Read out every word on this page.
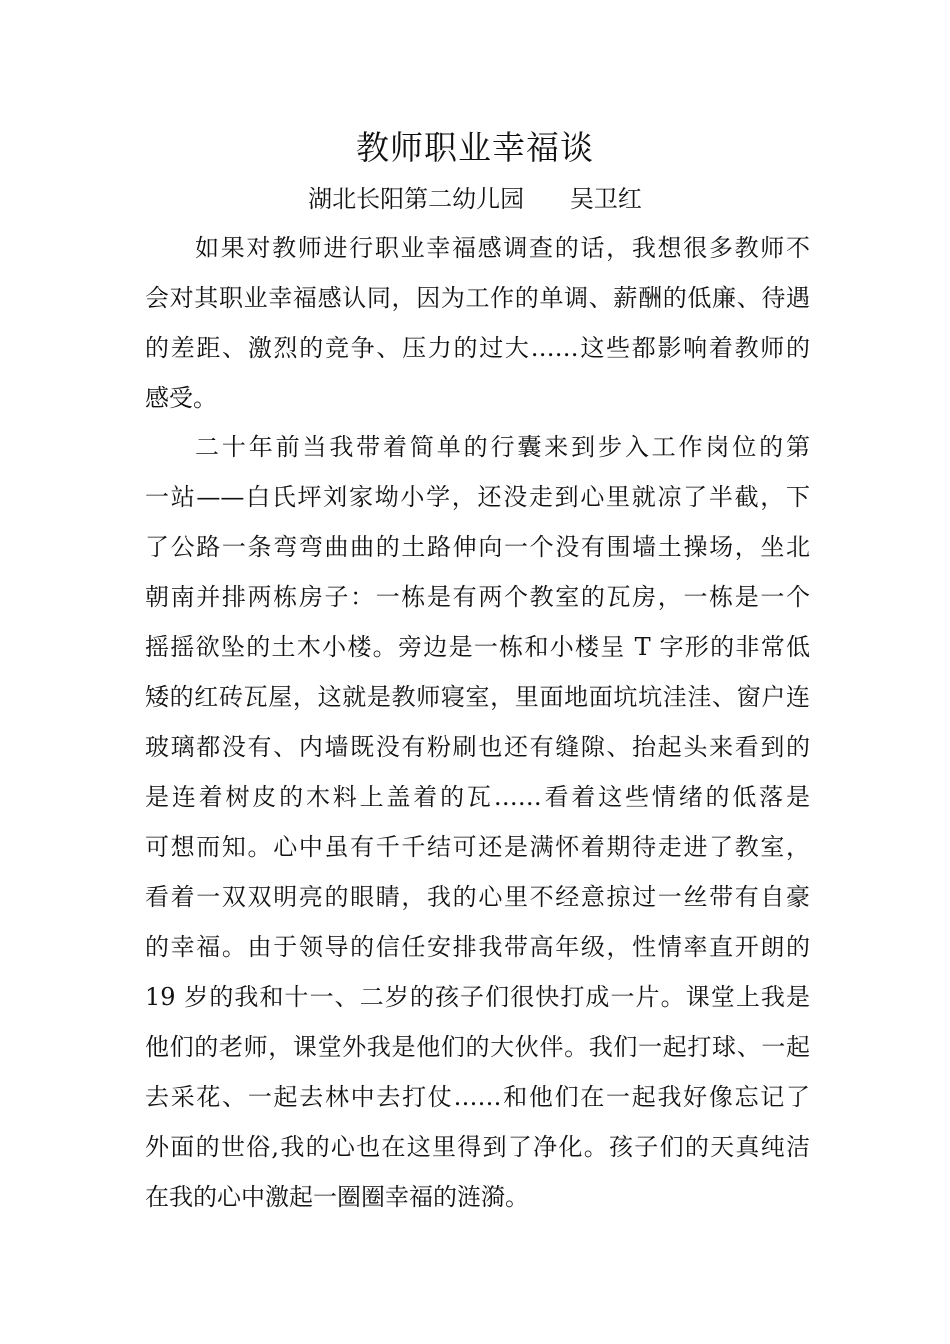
教师职业幸福谈
湖北长阳第二幼儿园      吴卫红
如果对教师进行职业幸福感调查的话，我想很多教师不
会对其职业幸福感认同，因为工作的单调、薪酬的低廉、待遇
的差距、激烈的竞争、压力的过大……这些都影响着教师的
感受。
二十年前当我带着简单的行囊来到步入工作岗位的第
一站——白氏坪刘家坳小学，还没走到心里就凉了半截，下
了公路一条弯弯曲曲的土路伸向一个没有围墙土操场，坐北
朝南并排两栋房子：一栋是有两个教室的瓦房，一栋是一个
摇摇欲坠的土木小楼。旁边是一栋和小楼呈 T 字形的非常低
矮的红砖瓦屋，这就是教师寝室，里面地面坑坑洼洼、窗户连
玻璃都没有、内墙既没有粉刷也还有缝隙、抬起头来看到的
是连着树皮的木料上盖着的瓦……看着这些情绪的低落是
可想而知。心中虽有千千结可还是满怀着期待走进了教室，
看着一双双明亮的眼睛，我的心里不经意掠过一丝带有自豪
的幸福。由于领导的信任安排我带高年级，性情率直开朗的
19 岁的我和十一、二岁的孩子们很快打成一片。课堂上我是
他们的老师，课堂外我是他们的大伙伴。我们一起打球、一起
去采花、一起去林中去打仗……和他们在一起我好像忘记了
外面的世俗,我的心也在这里得到了净化。孩子们的天真纯洁
在我的心中激起一圈圈幸福的涟漪。
